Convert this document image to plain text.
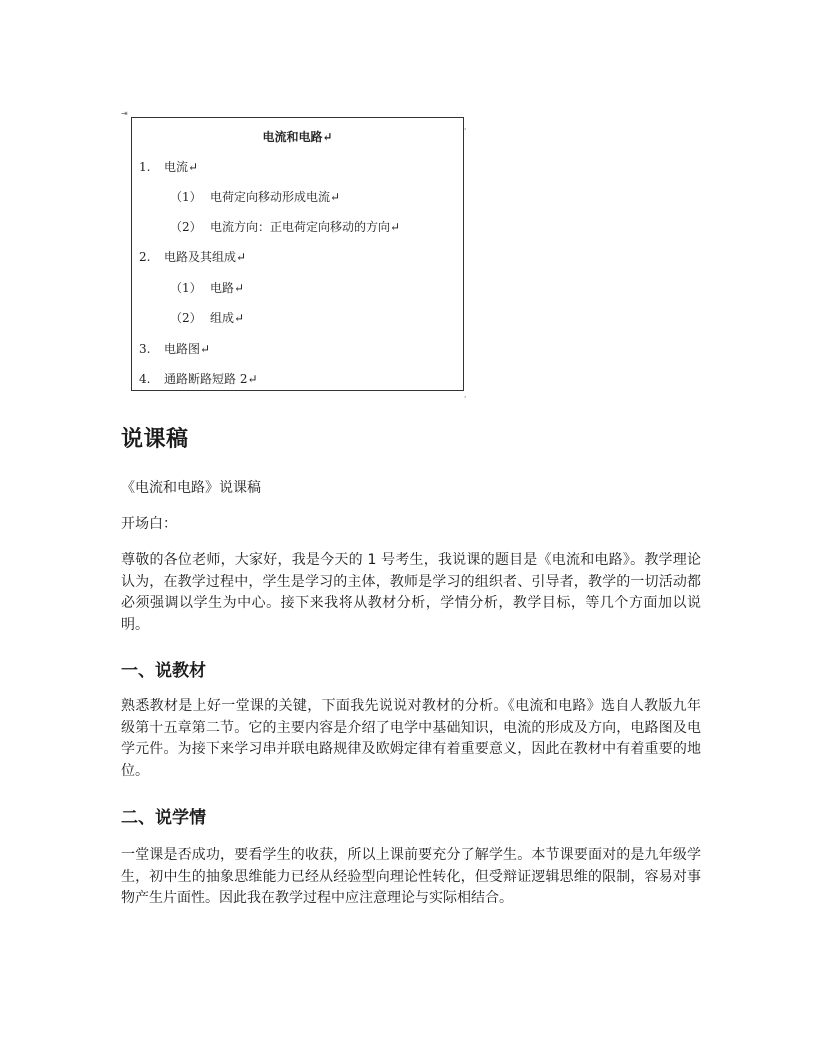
⇥
ˌ
ˌ
电流和电路↵
1. 电流↵
（1） 电荷定向移动形成电流↵
（2） 电流方向：正电荷定向移动的方向↵
2. 电路及其组成↵
（1） 电路↵
（2） 组成↵
3. 电路图↵
4. 通路断路短路 2↵
说课稿

《电流和电路》说课稿

开场白：

尊敬的各位老师，大家好，我是今天的 1 号考生，我说课的题目是《电流和电路》。教学理论认为，在教学过程中，学生是学习的主体，教师是学习的组织者、引导者，教学的一切活动都必须强调以学生为中心。接下来我将从教材分析，学情分析，教学目标，等几个方面加以说明。

一、说教材

熟悉教材是上好一堂课的关键，下面我先说说对教材的分析。《电流和电路》选自人教版九年级第十五章第二节。它的主要内容是介绍了电学中基础知识，电流的形成及方向，电路图及电学元件。为接下来学习串并联电路规律及欧姆定律有着重要意义，因此在教材中有着重要的地位。

二、说学情

一堂课是否成功，要看学生的收获，所以上课前要充分了解学生。本节课要面对的是九年级学生，初中生的抽象思维能力已经从经验型向理论性转化，但受辩证逻辑思维的限制，容易对事物产生片面性。因此我在教学过程中应注意理论与实际相结合。
